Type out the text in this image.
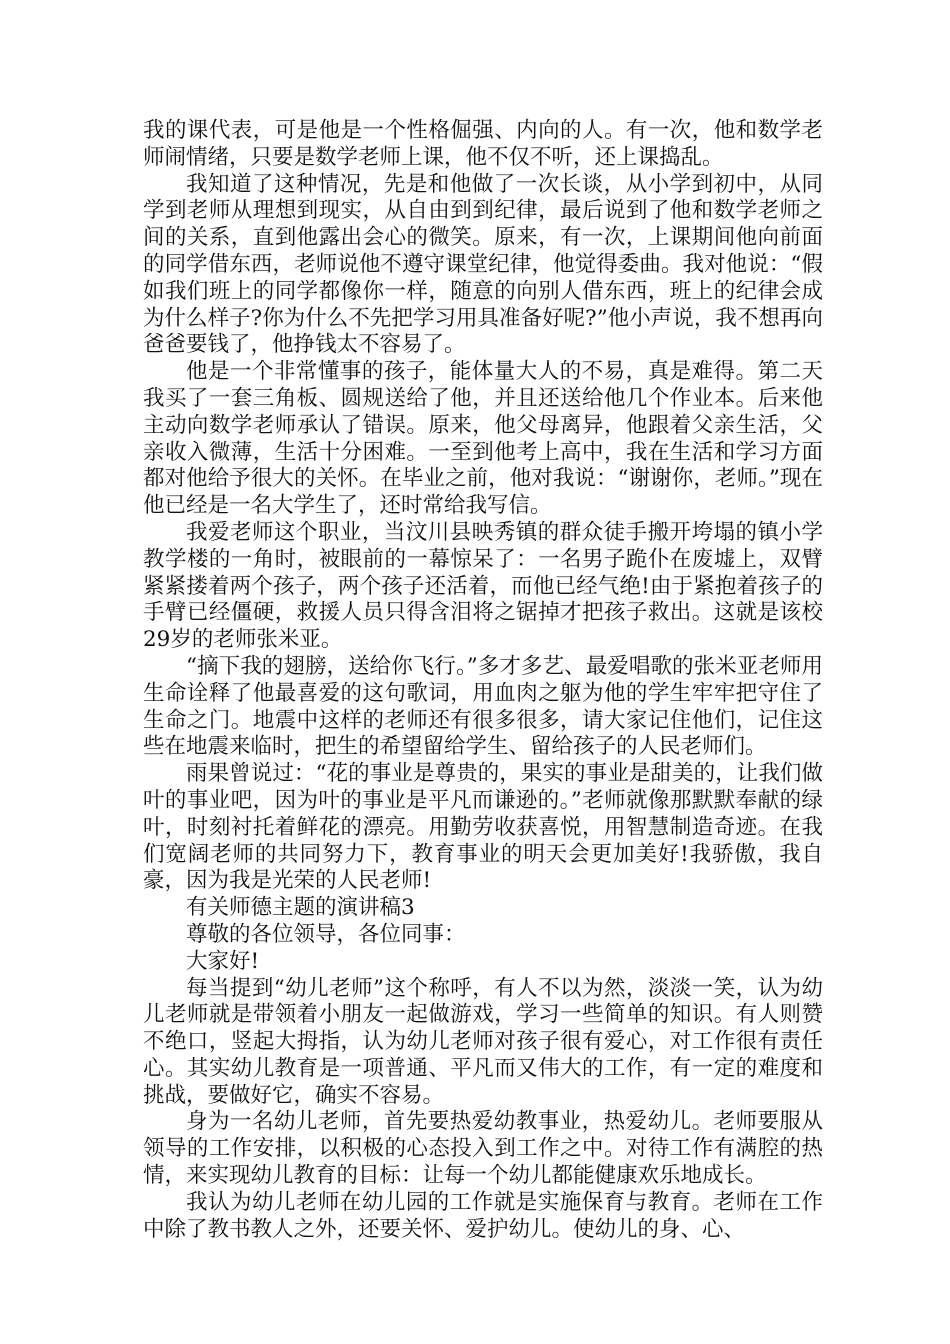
我的课代表，可是他是一个性格倔强、内向的人。有一次，他和数学老师闹情绪，只要是数学老师上课，他不仅不听，还上课捣乱。

我知道了这种情况，先是和他做了一次长谈，从小学到初中，从同学到老师从理想到现实，从自由到到纪律，最后说到了他和数学老师之间的关系，直到他露出会心的微笑。原来，有一次，上课期间他向前面的同学借东西，老师说他不遵守课堂纪律，他觉得委曲。我对他说：“假如我们班上的同学都像你一样，随意的向别人借东西，班上的纪律会成为什么样子?你为什么不先把学习用具准备好呢?”他小声说，我不想再向爸爸要钱了，他挣钱太不容易了。

他是一个非常懂事的孩子，能体量大人的不易，真是难得。第二天我买了一套三角板、圆规送给了他，并且还送给他几个作业本。后来他主动向数学老师承认了错误。原来，他父母离异，他跟着父亲生活，父亲收入微薄，生活十分困难。一至到他考上高中，我在生活和学习方面都对他给予很大的关怀。在毕业之前，他对我说：“谢谢你，老师。”现在他已经是一名大学生了，还时常给我写信。

我爱老师这个职业，当汶川县映秀镇的群众徒手搬开垮塌的镇小学教学楼的一角时，被眼前的一幕惊呆了：一名男子跪仆在废墟上，双臂紧紧搂着两个孩子，两个孩子还活着，而他已经气绝!由于紧抱着孩子的手臂已经僵硬，救援人员只得含泪将之锯掉才把孩子救出。这就是该校29岁的老师张米亚。

“摘下我的翅膀，送给你飞行。”多才多艺、最爱唱歌的张米亚老师用生命诠释了他最喜爱的这句歌词，用血肉之躯为他的学生牢牢把守住了生命之门。地震中这样的老师还有很多很多，请大家记住他们，记住这些在地震来临时，把生的希望留给学生、留给孩子的人民老师们。

雨果曾说过：“花的事业是尊贵的，果实的事业是甜美的，让我们做叶的事业吧，因为叶的事业是平凡而谦逊的。”老师就像那默默奉献的绿叶，时刻衬托着鲜花的漂亮。用勤劳收获喜悦，用智慧制造奇迹。在我们宽阔老师的共同努力下，教育事业的明天会更加美好!我骄傲，我自豪，因为我是光荣的人民老师!

有关师德主题的演讲稿3

尊敬的各位领导，各位同事：

大家好!

每当提到“幼儿老师”这个称呼，有人不以为然，淡淡一笑，认为幼儿老师就是带领着小朋友一起做游戏，学习一些简单的知识。有人则赞不绝口，竖起大拇指，认为幼儿老师对孩子很有爱心，对工作很有责任心。其实幼儿教育是一项普通、平凡而又伟大的工作，有一定的难度和挑战，要做好它，确实不容易。

身为一名幼儿老师，首先要热爱幼教事业，热爱幼儿。老师要服从领导的工作安排，以积极的心态投入到工作之中。对待工作有满腔的热情，来实现幼儿教育的目标：让每一个幼儿都能健康欢乐地成长。

我认为幼儿老师在幼儿园的工作就是实施保育与教育。老师在工作中除了教书教人之外，还要关怀、爱护幼儿。使幼儿的身、心、
